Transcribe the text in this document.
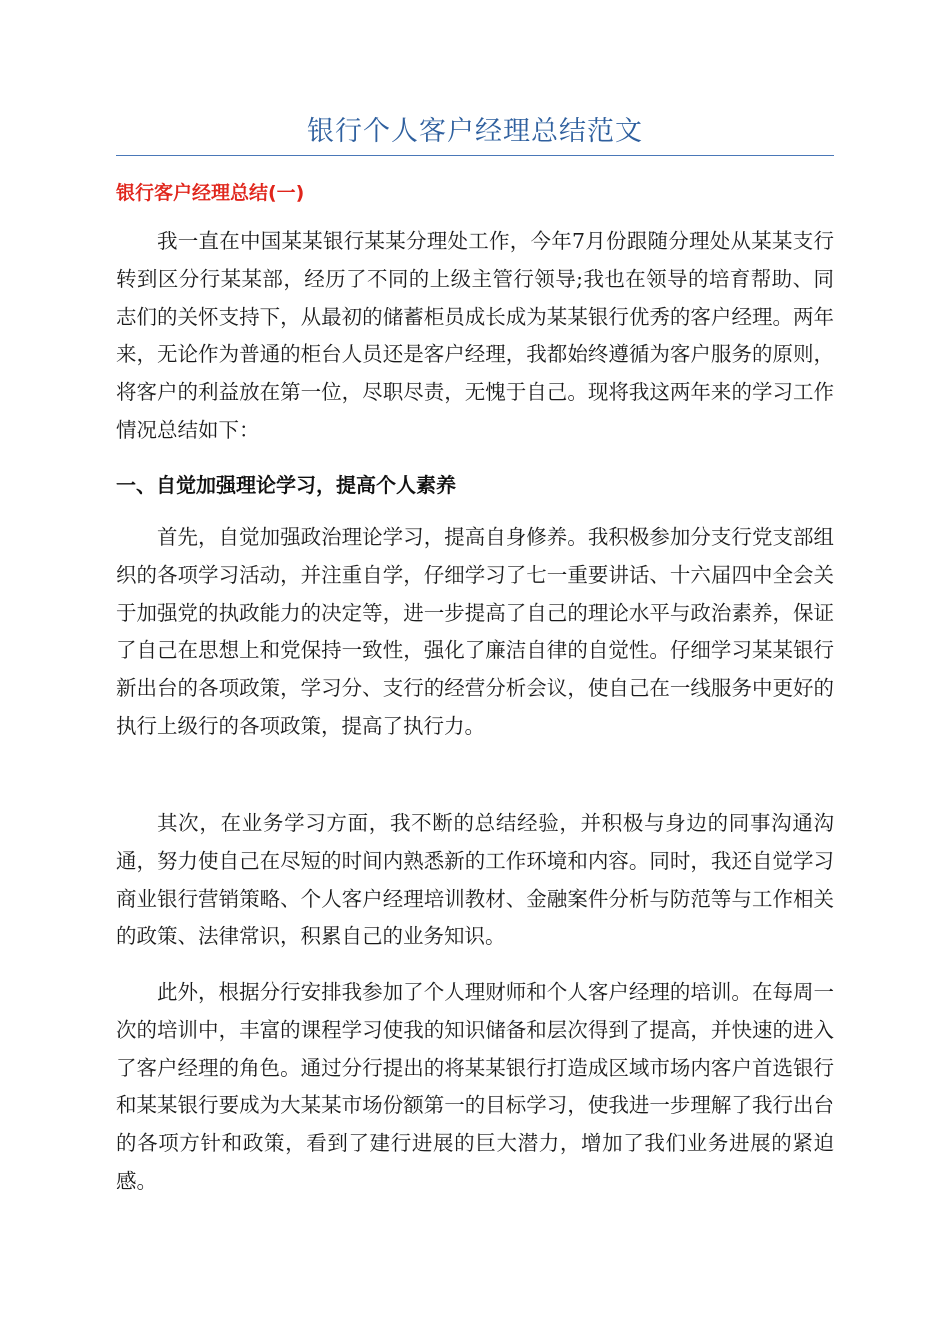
银行个人客户经理总结范文
银行客户经理总结(一)

我一直在中国某某银行某某分理处工作，今年7月份跟随分理处从某某支行转到区分行某某部，经历了不同的上级主管行领导;我也在领导的培育帮助、同志们的关怀支持下，从最初的储蓄柜员成长成为某某银行优秀的客户经理。两年来，无论作为普通的柜台人员还是客户经理，我都始终遵循为客户服务的原则，将客户的利益放在第一位，尽职尽责，无愧于自己。现将我这两年来的学习工作情况总结如下：

一、自觉加强理论学习，提高个人素养

首先，自觉加强政治理论学习，提高自身修养。我积极参加分支行党支部组织的各项学习活动，并注重自学，仔细学习了七一重要讲话、十六届四中全会关于加强党的执政能力的决定等，进一步提高了自己的理论水平与政治素养，保证了自己在思想上和党保持一致性，强化了廉洁自律的自觉性。仔细学习某某银行新出台的各项政策，学习分、支行的经营分析会议，使自己在一线服务中更好的执行上级行的各项政策，提高了执行力。

其次，在业务学习方面，我不断的总结经验，并积极与身边的同事沟通沟通，努力使自己在尽短的时间内熟悉新的工作环境和内容。同时，我还自觉学习商业银行营销策略、个人客户经理培训教材、金融案件分析与防范等与工作相关的政策、法律常识，积累自己的业务知识。

此外，根据分行安排我参加了个人理财师和个人客户经理的培训。在每周一次的培训中，丰富的课程学习使我的知识储备和层次得到了提高，并快速的进入了客户经理的角色。通过分行提出的将某某银行打造成区域市场内客户首选银行和某某银行要成为大某某市场份额第一的目标学习，使我进一步理解了我行出台的各项方针和政策，看到了建行进展的巨大潜力，增加了我们业务进展的紧迫感。
